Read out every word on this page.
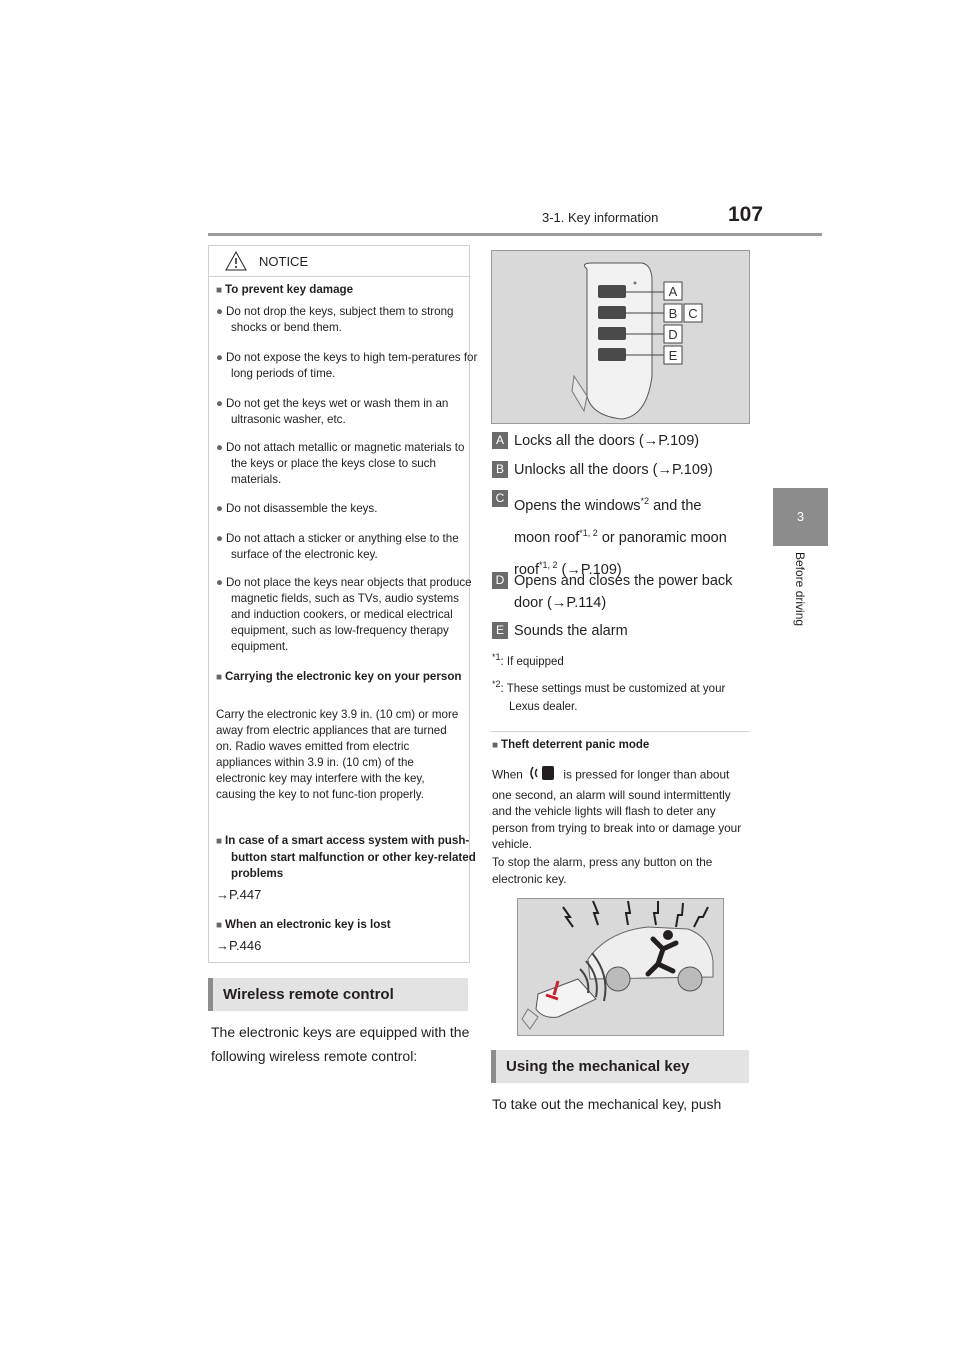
3-1. Key information	107
3
Before driving
NOTICE
■ To prevent key damage
● Do not drop the keys, subject them to strong shocks or bend them.
● Do not expose the keys to high tem-peratures for long periods of time.
● Do not get the keys wet or wash them in an ultrasonic washer, etc.
● Do not attach metallic or magnetic materials to the keys or place the keys close to such materials.
● Do not disassemble the keys.
● Do not attach a sticker or anything else to the surface of the electronic key.
● Do not place the keys near objects that produce magnetic fields, such as TVs, audio systems and induction cookers, or medical electrical equipment, such as low-frequency therapy equipment.
■ Carrying the electronic key on your person
Carry the electronic key 3.9 in. (10 cm) or more away from electric appliances that are turned on. Radio waves emitted from electric appliances within 3.9 in. (10 cm) of the electronic key may interfere with the key, causing the key to not func-tion properly.
■ In case of a smart access system with push-button start malfunction or other key-related problems
→P.447
■ When an electronic key is lost
→P.446
Wireless remote control
The electronic keys are equipped with the following wireless remote control:
A
B C
D
E
A Locks all the doors (→P.109)
B Unlocks all the doors (→P.109)
C Opens the windows$^{*2}$ and the
moon roof$^{*1, 2}$ or panoramic moon
roof$^{*1, 2}$ (→P.109)
D Opens and closes the power back
door (→P.114)
E Sounds the alarm
$^{*1}$: If equipped
$^{*2}$: These settings must be customized at your Lexus dealer.
■ Theft deterrent panic mode
When	is pressed for longer than about one second, an alarm will sound intermittently and the vehicle lights will flash to deter any person from trying to break into or damage your vehicle.
To stop the alarm, press any button on the electronic key.
Using the mechanical key
To take out the mechanical key, push
